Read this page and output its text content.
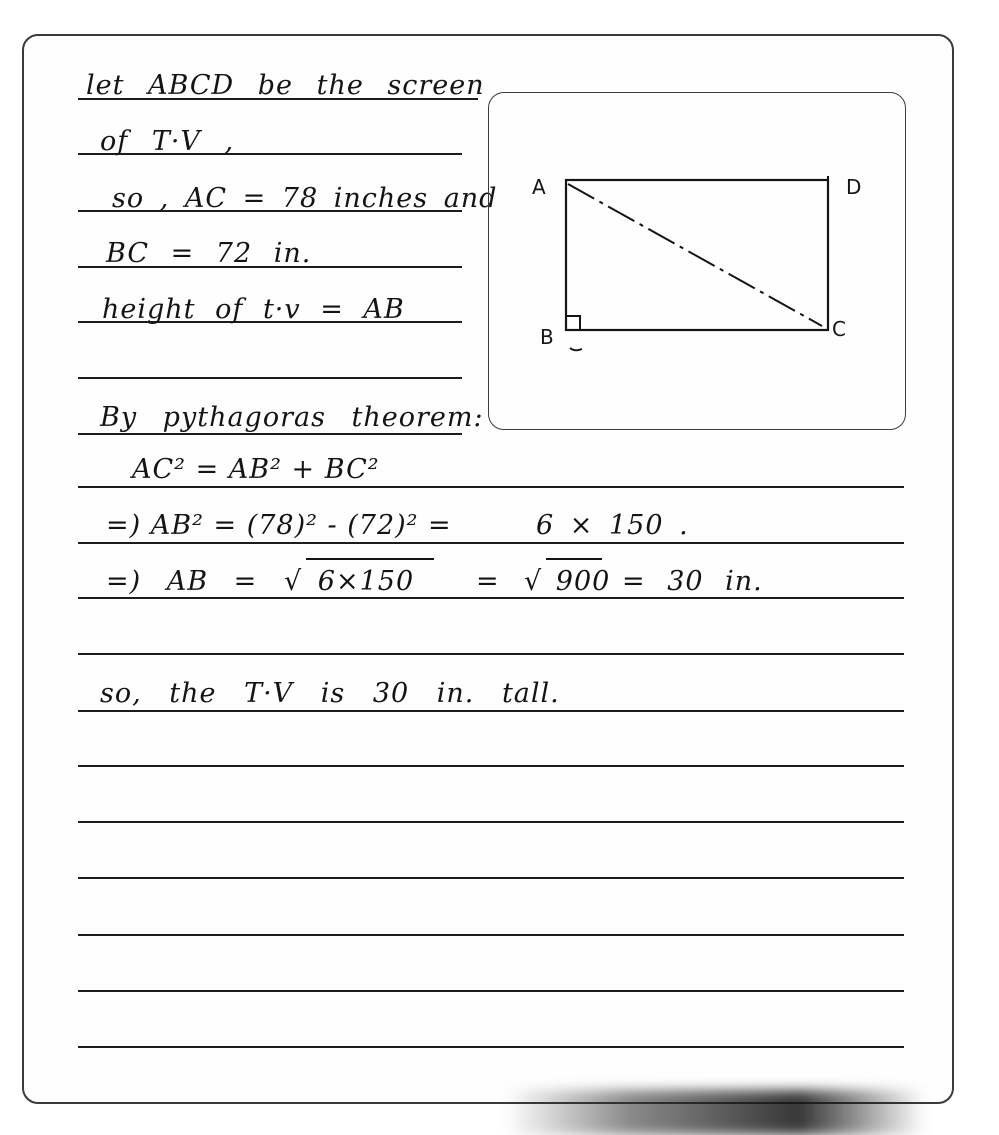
let ABCD be the screen
of T·V ,
so , AC = 78 inches and
BC = 72 in.
height of t·v = AB
By pythagoras theorem:
AC² = AB² + BC²
=) AB² = (78)² - (72)² =	6 × 150 .
=) AB = √ 6×150 = √ 900 = 30 in.
so, the T·V is 30 in. tall.
A	D
B	C
